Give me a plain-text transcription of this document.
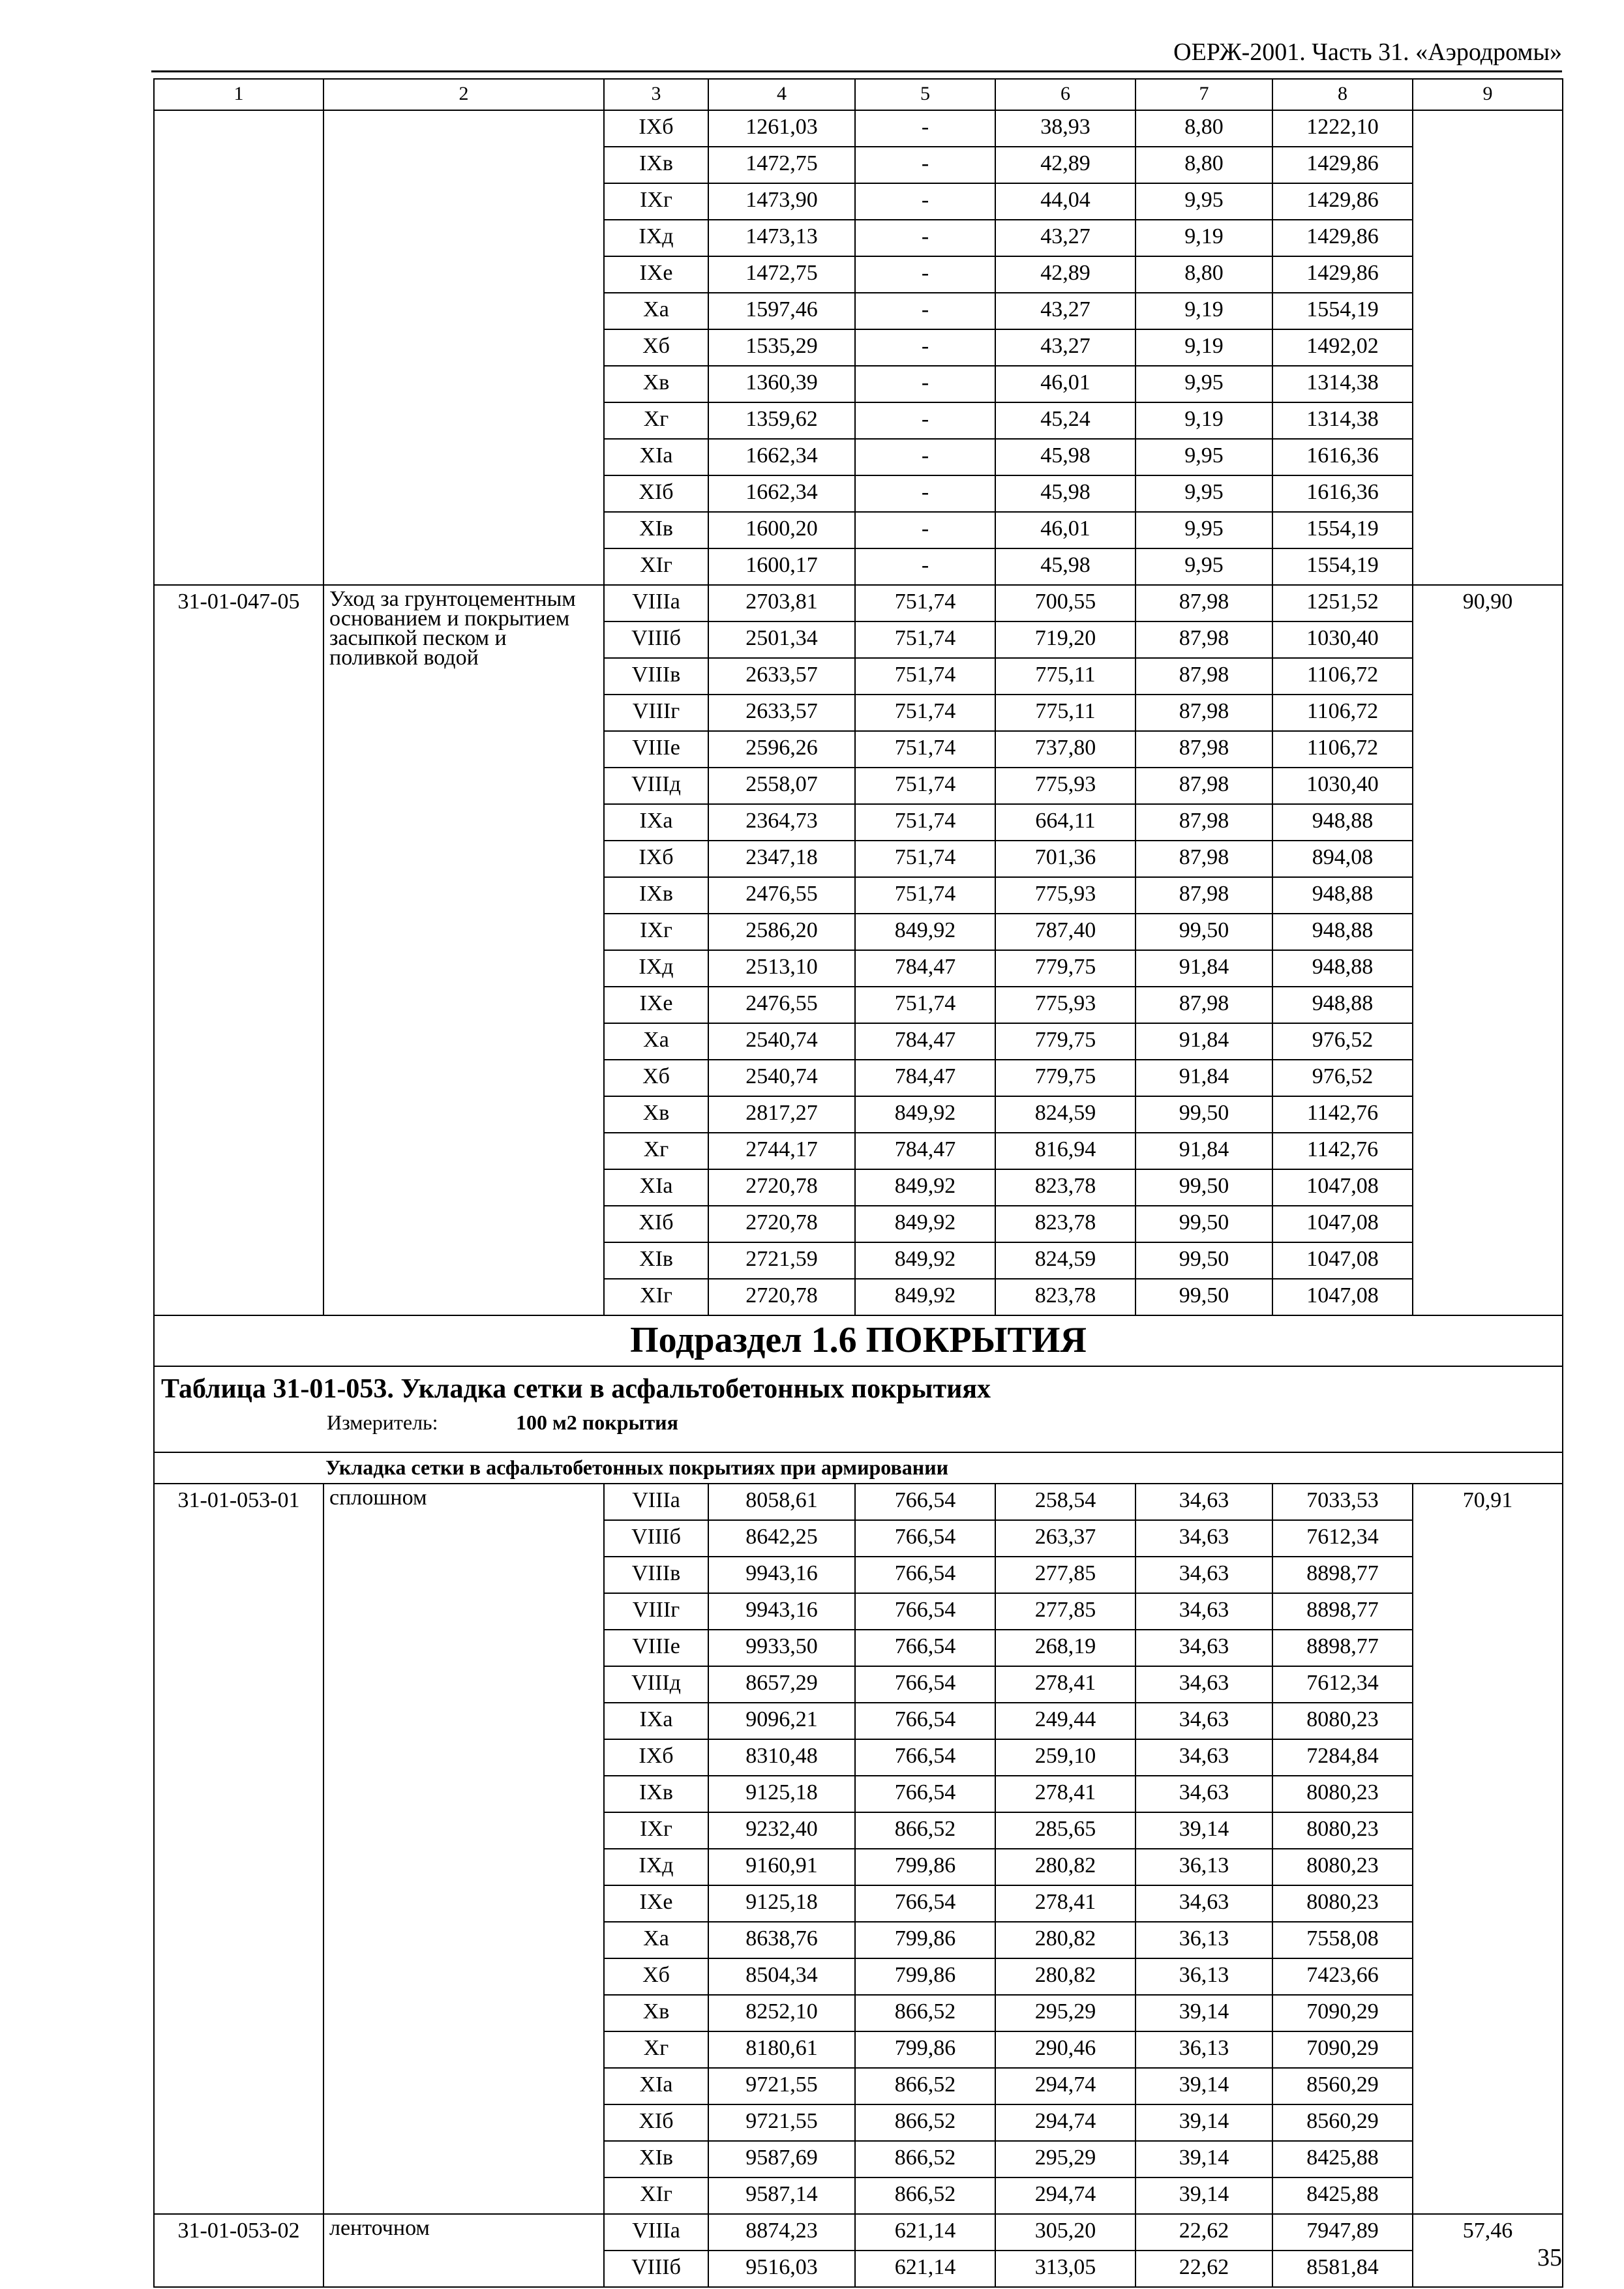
ОЕРЖ-2001. Часть 31. «Аэродромы»
1	2	3	4	5	6	7	8	9
		IXб	1261,03	-	38,93	8,80	1222,10	
		IXв	1472,75	-	42,89	8,80	1429,86	
		IXг	1473,90	-	44,04	9,95	1429,86	
		IXд	1473,13	-	43,27	9,19	1429,86	
		IXе	1472,75	-	42,89	8,80	1429,86	
		Xа	1597,46	-	43,27	9,19	1554,19	
		Xб	1535,29	-	43,27	9,19	1492,02	
		Xв	1360,39	-	46,01	9,95	1314,38	
		Xг	1359,62	-	45,24	9,19	1314,38	
		XIа	1662,34	-	45,98	9,95	1616,36	
		XIб	1662,34	-	45,98	9,95	1616,36	
		XIв	1600,20	-	46,01	9,95	1554,19	
		XIг	1600,17	-	45,98	9,95	1554,19	
31-01-047-05	Уход за грунтоцементным основанием и покрытием засыпкой песком и поливкой водой	VIIIа	2703,81	751,74	700,55	87,98	1251,52	90,90
		VIIIб	2501,34	751,74	719,20	87,98	1030,40	
		VIIIв	2633,57	751,74	775,11	87,98	1106,72	
		VIIIг	2633,57	751,74	775,11	87,98	1106,72	
		VIIIе	2596,26	751,74	737,80	87,98	1106,72	
		VIIIд	2558,07	751,74	775,93	87,98	1030,40	
		IXа	2364,73	751,74	664,11	87,98	948,88	
		IXб	2347,18	751,74	701,36	87,98	894,08	
		IXв	2476,55	751,74	775,93	87,98	948,88	
		IXг	2586,20	849,92	787,40	99,50	948,88	
		IXд	2513,10	784,47	779,75	91,84	948,88	
		IXе	2476,55	751,74	775,93	87,98	948,88	
		Xа	2540,74	784,47	779,75	91,84	976,52	
		Xб	2540,74	784,47	779,75	91,84	976,52	
		Xв	2817,27	849,92	824,59	99,50	1142,76	
		Xг	2744,17	784,47	816,94	91,84	1142,76	
		XIа	2720,78	849,92	823,78	99,50	1047,08	
		XIб	2720,78	849,92	823,78	99,50	1047,08	
		XIв	2721,59	849,92	824,59	99,50	1047,08	
		XIг	2720,78	849,92	823,78	99,50	1047,08	
Подраздел 1.6 ПОКРЫТИЯ								

Таблица 31-01-053. Укладка сетки в асфальтобетонных покрытиях
Измеритель: 100 м2 покрытия								

Укладка сетки в асфальтобетонных покрытиях при армировании								
31-01-053-01	сплошном	VIIIа	8058,61	766,54	258,54	34,63	7033,53	70,91
		VIIIб	8642,25	766,54	263,37	34,63	7612,34	
		VIIIв	9943,16	766,54	277,85	34,63	8898,77	
		VIIIг	9943,16	766,54	277,85	34,63	8898,77	
		VIIIе	9933,50	766,54	268,19	34,63	8898,77	
		VIIIд	8657,29	766,54	278,41	34,63	7612,34	
		IXа	9096,21	766,54	249,44	34,63	8080,23	
		IXб	8310,48	766,54	259,10	34,63	7284,84	
		IXв	9125,18	766,54	278,41	34,63	8080,23	
		IXг	9232,40	866,52	285,65	39,14	8080,23	
		IXд	9160,91	799,86	280,82	36,13	8080,23	
		IXе	9125,18	766,54	278,41	34,63	8080,23	
		Xа	8638,76	799,86	280,82	36,13	7558,08	
		Xб	8504,34	799,86	280,82	36,13	7423,66	
		Xв	8252,10	866,52	295,29	39,14	7090,29	
		Xг	8180,61	799,86	290,46	36,13	7090,29	
		XIа	9721,55	866,52	294,74	39,14	8560,29	
		XIб	9721,55	866,52	294,74	39,14	8560,29	
		XIв	9587,69	866,52	295,29	39,14	8425,88	
		XIг	9587,14	866,52	294,74	39,14	8425,88	
31-01-053-02	ленточном	VIIIа	8874,23	621,14	305,20	22,62	7947,89	57,46
		VIIIб	9516,03	621,14	313,05	22,62	8581,84		35
